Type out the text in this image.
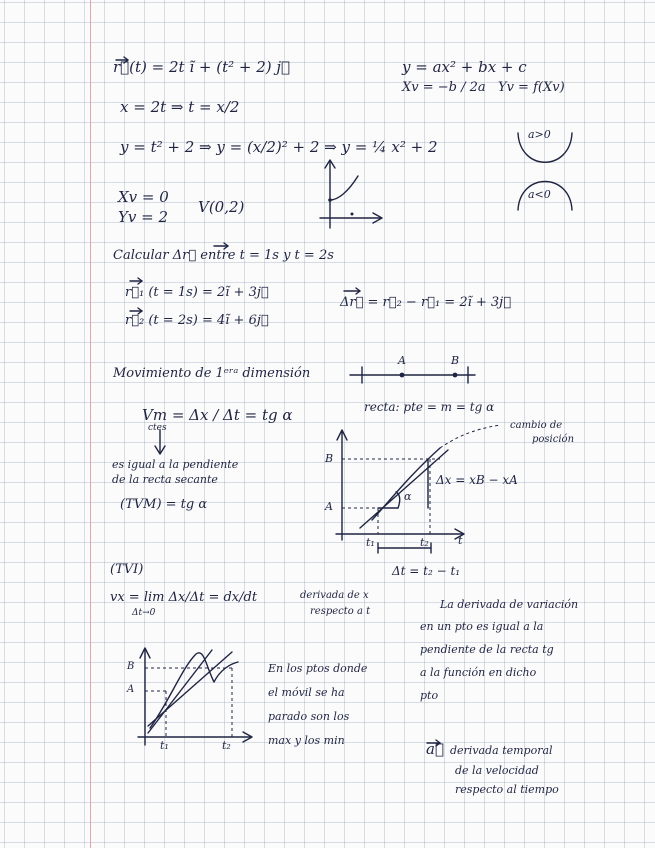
r⃗(t) = 2t ĩ + (t² + 2) j⃗
x = 2t ⇒ t = x/2
y = t² + 2 ⇒ y = (x/2)² + 2 ⇒ y = ¼ x² + 2
Xv = 0
Yv = 2
V(0,2)
y = ax² + bx + c
Xv = −b / 2a Yv = f(Xv)
a>0
a<0
Calcular Δr⃗ entre t = 1s y t = 2s
r⃗₁ (t = 1s) = 2ĩ + 3j⃗
r⃗₂ (t = 2s) = 4ĩ + 6j⃗
Δr⃗ = r⃗₂ − r⃗₁ = 2ĩ + 3j⃗
Movimiento de 1ᵉʳᵃ dimensión
A	B
recta: pte = m = tg α
Vm = Δx / Δt = tg α
ctes
es igual a la pendiente
de la recta secante
(TVM) = tg α
B
A
α
Δx = xB − xA
t₁	t₂	t
Δt = t₂ − t₁
cambio de
posición
(TVI)
vx = lim Δx/Δt = dx/dt
Δt→0
derivada de x
respecto a t
La derivada de variación
en un pto es igual a la
pendiente de la recta tg
a la función en dicho
pto
B
A
t₁	t₂
En los ptos donde
el móvil se ha
parado son los
max y los min	a⃗ derivada temporal
de la velocidad
respecto al tiempo
